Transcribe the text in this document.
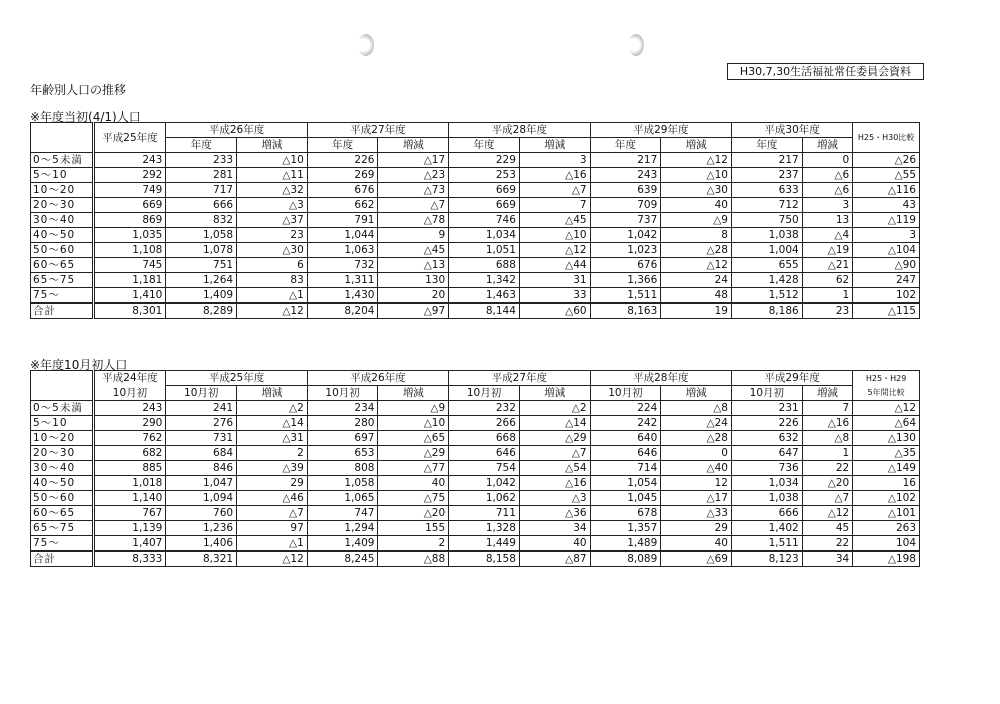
H30,7,30生活福祉常任委員会資料
年齢別人口の推移
※年度当初(4/1)人口
	平成25年度	平成26年度		平成27年度		平成28年度		平成29年度		平成30年度		H25・H30比較
		年度	増減	年度	増減	年度	増減	年度	増減	年度	増減	
0～5未満	243	233	△10	226	△17	229	3	217	△12	217	0	△26
5～10	292	281	△11	269	△23	253	△16	243	△10	237	△6	△55
10～20	749	717	△32	676	△73	669	△7	639	△30	633	△6	△116
20～30	669	666	△3	662	△7	669	7	709	40	712	3	43
30～40	869	832	△37	791	△78	746	△45	737	△9	750	13	△119
40～50	1,035	1,058	23	1,044	9	1,034	△10	1,042	8	1,038	△4	3
50～60	1,108	1,078	△30	1,063	△45	1,051	△12	1,023	△28	1,004	△19	△104
60～65	745	751	6	732	△13	688	△44	676	△12	655	△21	△90
65～75	1,181	1,264	83	1,311	130	1,342	31	1,366	24	1,428	62	247
75～	1,410	1,409	△1	1,430	20	1,463	33	1,511	48	1,512	1	102
合計	8,301	8,289	△12	8,204	△97	8,144	△60	8,163	19	8,186	23	△115
※年度10月初人口
	平成24年度	平成25年度		平成26年度		平成27年度		平成28年度		平成29年度		H25・H29
	10月初	10月初	増減	10月初	増減	10月初	増減	10月初	増減	10月初	増減	5年間比較
0～5未満	243	241	△2	234	△9	232	△2	224	△8	231	7	△12
5～10	290	276	△14	280	△10	266	△14	242	△24	226	△16	△64
10～20	762	731	△31	697	△65	668	△29	640	△28	632	△8	△130
20～30	682	684	2	653	△29	646	△7	646	0	647	1	△35
30～40	885	846	△39	808	△77	754	△54	714	△40	736	22	△149
40～50	1,018	1,047	29	1,058	40	1,042	△16	1,054	12	1,034	△20	16
50～60	1,140	1,094	△46	1,065	△75	1,062	△3	1,045	△17	1,038	△7	△102
60～65	767	760	△7	747	△20	711	△36	678	△33	666	△12	△101
65～75	1,139	1,236	97	1,294	155	1,328	34	1,357	29	1,402	45	263
75～	1,407	1,406	△1	1,409	2	1,449	40	1,489	40	1,511	22	104
合計	8,333	8,321	△12	8,245	△88	8,158	△87	8,089	△69	8,123	34	△198
